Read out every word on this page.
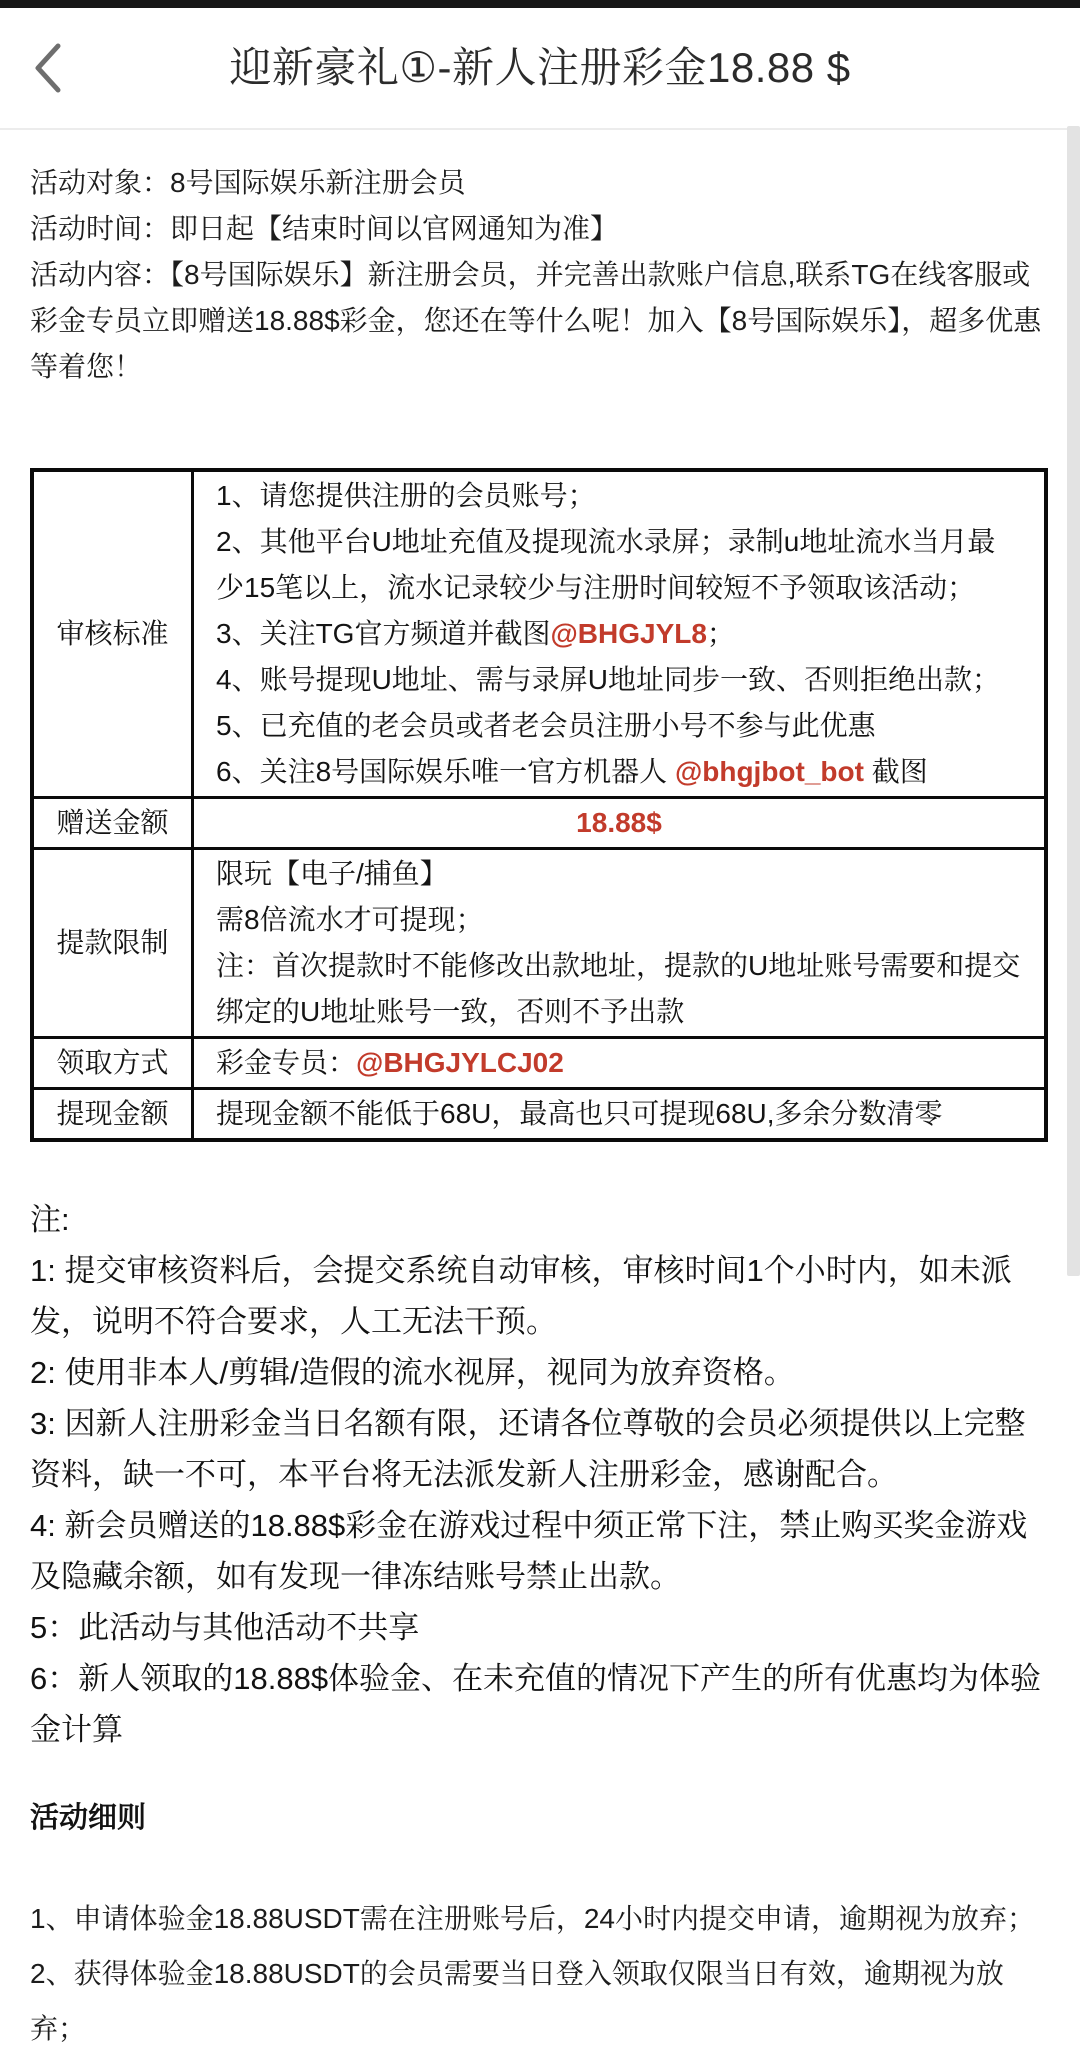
迎新豪礼①-新人注册彩金18.88 $

活动对象：8号国际娱乐新注册会员

活动时间：即日起【结束时间以官网通知为准】

活动内容：【8号国际娱乐】新注册会员，并完善出款账户信息,联系TG在线客服或彩金专员立即赠送18.88$彩金，您还在等什么呢！加入【8号国际娱乐】，超多优惠等着您！

审核标准	
1、请您提供注册的会员账号；
2、其他平台U地址充值及提现流水录屏；录制u地址流水当月最少15笔以上，流水记录较少与注册时间较短不予领取该活动；
3、关注TG官方频道并截图@BHGJYL8；
4、账号提现U地址、需与录屏U地址同步一致、否则拒绝出款；
5、已充值的老会员或者老会员注册小号不参与此优惠
6、关注8号国际娱乐唯一官方机器人 @bhgjbot_bot 截图

赠送金额	18.88$

提款限制	限玩【电子/捕鱼】
需8倍流水才可提现；
注：首次提款时不能修改出款地址，提款的U地址账号需要和提交绑定的U地址账号一致，否则不予出款

领取方式	彩金专员：@BHGJYLCJ02

提现金额	提现金额不能低于68U，最高也只可提现68U,多余分数清零
注:
1: 提交审核资料后，会提交系统自动审核，审核时间1个小时内，如未派发，说明不符合要求，人工无法干预。
2: 使用非本人/剪辑/造假的流水视屏，视同为放弃资格。
3: 因新人注册彩金当日名额有限，还请各位尊敬的会员必须提供以上完整资料，缺一不可，本平台将无法派发新人注册彩金，感谢配合。
4: 新会员赠送的18.88$彩金在游戏过程中须正常下注，禁止购买奖金游戏及隐藏余额，如有发现一律冻结账号禁止出款。
5：此活动与其他活动不共享
6：新人领取的18.88$体验金、在未充值的情况下产生的所有优惠均为体验金计算
活动细则
1、申请体验金18.88USDT需在注册账号后，24小时内提交申请，逾期视为放弃；
2、获得体验金18.88USDT的会员需要当日登入领取仅限当日有效，逾期视为放弃；
